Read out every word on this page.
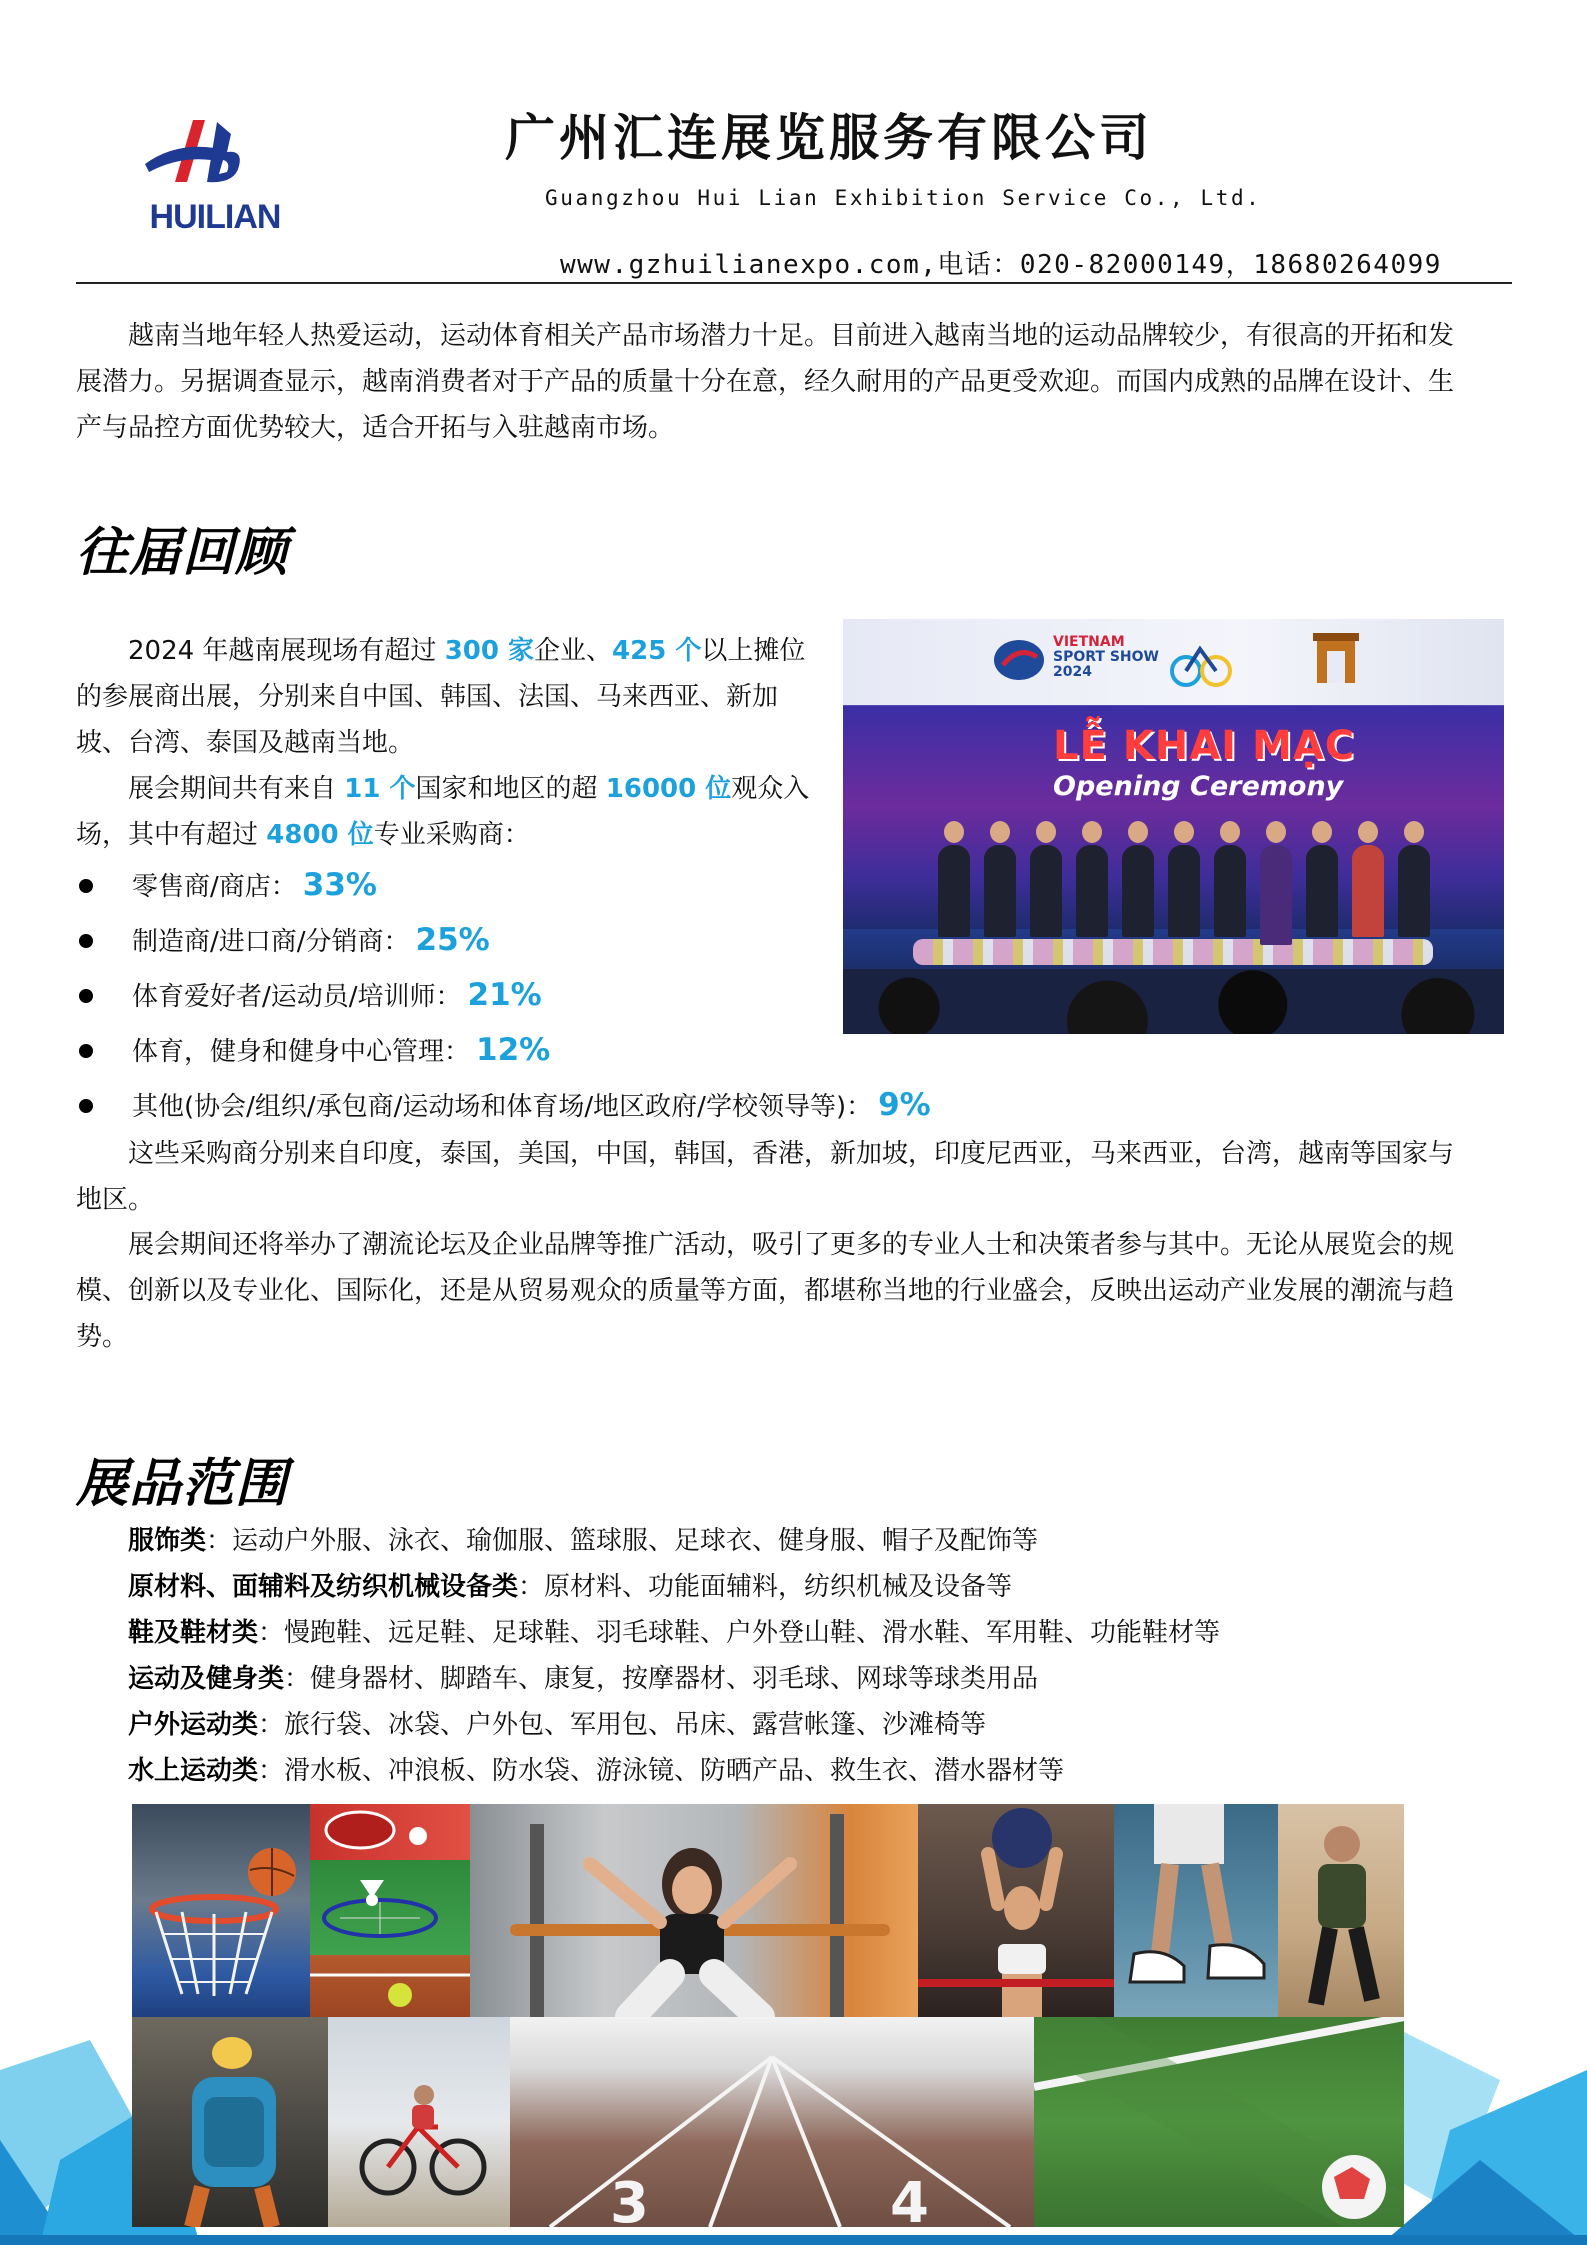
HUILIAN
广州汇连展览服务有限公司
Guangzhou Hui Lian Exhibition Service Co., Ltd.
www.gzhuilianexpo.com,电话：020-82000149，18680264099
越南当地年轻人热爱运动，运动体育相关产品市场潜力十足。目前进入越南当地的运动品牌较少，有很高的开拓和发
展潜力。另据调查显示，越南消费者对于产品的质量十分在意，经久耐用的产品更受欢迎。而国内成熟的品牌在设计、生
产与品控方面优势较大，适合开拓与入驻越南市场。
往届回顾

2024 年越南展现场有超过 300 家企业、425 个以上摊位

的参展商出展，分别来自中国、韩国、法国、马来西亚、新加

坡、台湾、泰国及越南当地。

展会期间共有来自 11 个国家和地区的超 16000 位观众入

场，其中有超过 4800 位专业采购商：

零售商/商店： 33%
制造商/进口商/分销商： 25%
体育爱好者/运动员/培训师： 21%
体育，健身和健身中心管理： 12%
其他(协会/组织/承包商/运动场和体育场/地区政府/学校领导等)： 9%
VIETNAM
SPORT SHOW
2024
LỄ KHAI MẠC
Opening Ceremony
这些采购商分别来自印度，泰国，美国，中国，韩国，香港，新加坡，印度尼西亚，马来西亚，台湾，越南等国家与
地区。
展会期间还将举办了潮流论坛及企业品牌等推广活动，吸引了更多的专业人士和决策者参与其中。无论从展览会的规
模、创新以及专业化、国际化，还是从贸易观众的质量等方面，都堪称当地的行业盛会，反映出运动产业发展的潮流与趋
势。
展品范围
服饰类：运动户外服、泳衣、瑜伽服、篮球服、足球衣、健身服、帽子及配饰等
原材料、面辅料及纺织机械设备类：原材料、功能面辅料，纺织机械及设备等
鞋及鞋材类：慢跑鞋、远足鞋、足球鞋、羽毛球鞋、户外登山鞋、滑水鞋、军用鞋、功能鞋材等
运动及健身类：健身器材、脚踏车、康复，按摩器材、羽毛球、网球等球类用品
户外运动类：旅行袋、冰袋、户外包、军用包、吊床、露营帐篷、沙滩椅等
水上运动类：滑水板、冲浪板、防水袋、游泳镜、防晒产品、救生衣、潜水器材等
3	4
